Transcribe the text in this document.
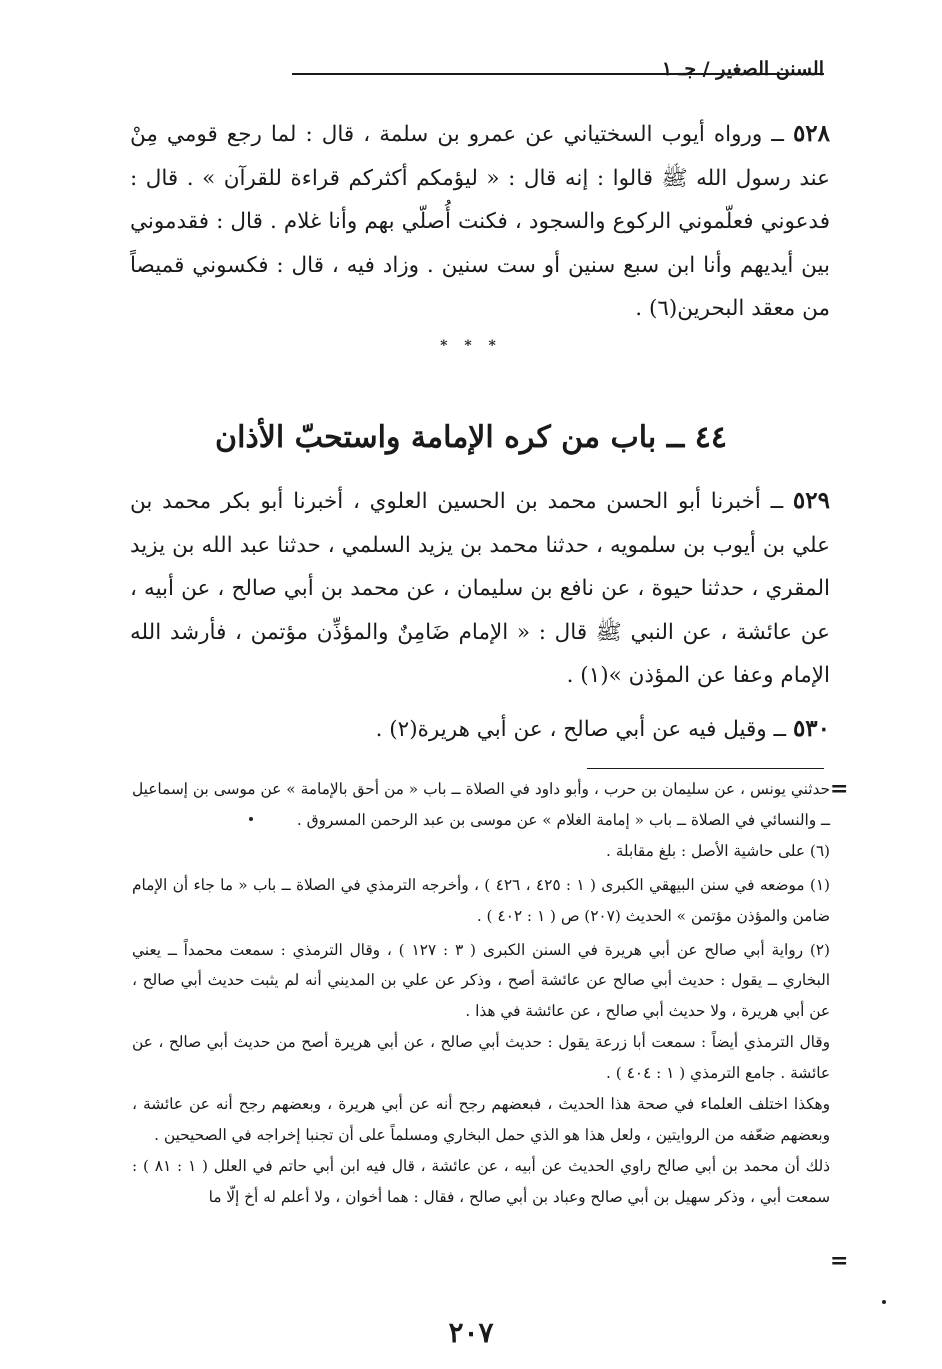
السنن الصغير / جـ ١
٥٢٨ ــ ورواه أيوب السختياني عن عمرو بن سلمة ، قال : لما رجع قومي مِنْ عند رسول الله ﷺ قالوا : إنه قال : « ليؤمكم أكثركم قراءة للقرآن » . قال : فدعوني فعلّموني الركوع والسجود ، فكنت أُصلّي بهم وأنا غلام . قال : فقدموني بين أيديهم وأنا ابن سبع سنين أو ست سنين . وزاد فيه ، قال : فكسوني قميصاً من معقد البحرين(٦) .
* * *
٤٤ ــ باب من كره الإمامة واستحبّ الأذان
٥٢٩ ــ أخبرنا أبو الحسن محمد بن الحسين العلوي ، أخبرنا أبو بكر محمد بن علي بن أيوب بن سلمويه ، حدثنا محمد بن يزيد السلمي ، حدثنا عبد الله بن يزيد المقري ، حدثنا حيوة ، عن نافع بن سليمان ، عن محمد بن أبي صالح ، عن أبيه ، عن عائشة ، عن النبي ﷺ قال : « الإمام ضَامِنٌ والمؤذِّن مؤتمن ، فأرشد الله الإمام وعفا عن المؤذن »(١) .
٥٣٠ ــ وقيل فيه عن أبي صالح ، عن أبي هريرة(٢) .
=
=

حدثني يونس ، عن سليمان بن حرب ، وأبو داود في الصلاة ــ باب « من أحق بالإمامة » عن موسى بن إسماعيل ــ والنسائي في الصلاة ــ باب « إمامة الغلام » عن موسى بن عبد الرحمن المسروق .

(٦) على حاشية الأصل : بلغ مقابلة .

(١) موضعه في سنن البيهقي الكبرى ( ١ : ٤٢٥ ، ٤٢٦ ) ، وأخرجه الترمذي في الصلاة ــ باب « ما جاء أن الإمام ضامن والمؤذن مؤتمن » الحديث (٢٠٧) ص ( ١ : ٤٠٢ ) .

(٢) رواية أبي صالح عن أبي هريرة في السنن الكبرى ( ٣ : ١٢٧ ) ، وقال الترمذي : سمعت محمداً ــ يعني البخاري ــ يقول : حديث أبي صالح عن عائشة أصح ، وذكر عن علي بن المديني أنه لم يثبت حديث أبي صالح ، عن أبي هريرة ، ولا حديث أبي صالح ، عن عائشة في هذا .

وقال الترمذي أيضاً : سمعت أبا زرعة يقول : حديث أبي صالح ، عن أبي هريرة أصح من حديث أبي صالح ، عن عائشة . جامع الترمذي ( ١ : ٤٠٤ ) .

وهكذا اختلف العلماء في صحة هذا الحديث ، فبعضهم رجح أنه عن أبي هريرة ، وبعضهم رجح أنه عن عائشة ، وبعضهم ضعّفه من الروايتين ، ولعل هذا هو الذي حمل البخاري ومسلماً على أن تجنبا إخراجه في الصحيحين .

ذلك أن محمد بن أبي صالح راوي الحديث عن أبيه ، عن عائشة ، قال فيه ابن أبي حاتم في العلل ( ١ : ٨١ ) : سمعت أبي ، وذكر سهيل بن أبي صالح وعباد بن أبي صالح ، فقال : هما أخوان ، ولا أعلم له أخ إلّا ما

٢٠٧
